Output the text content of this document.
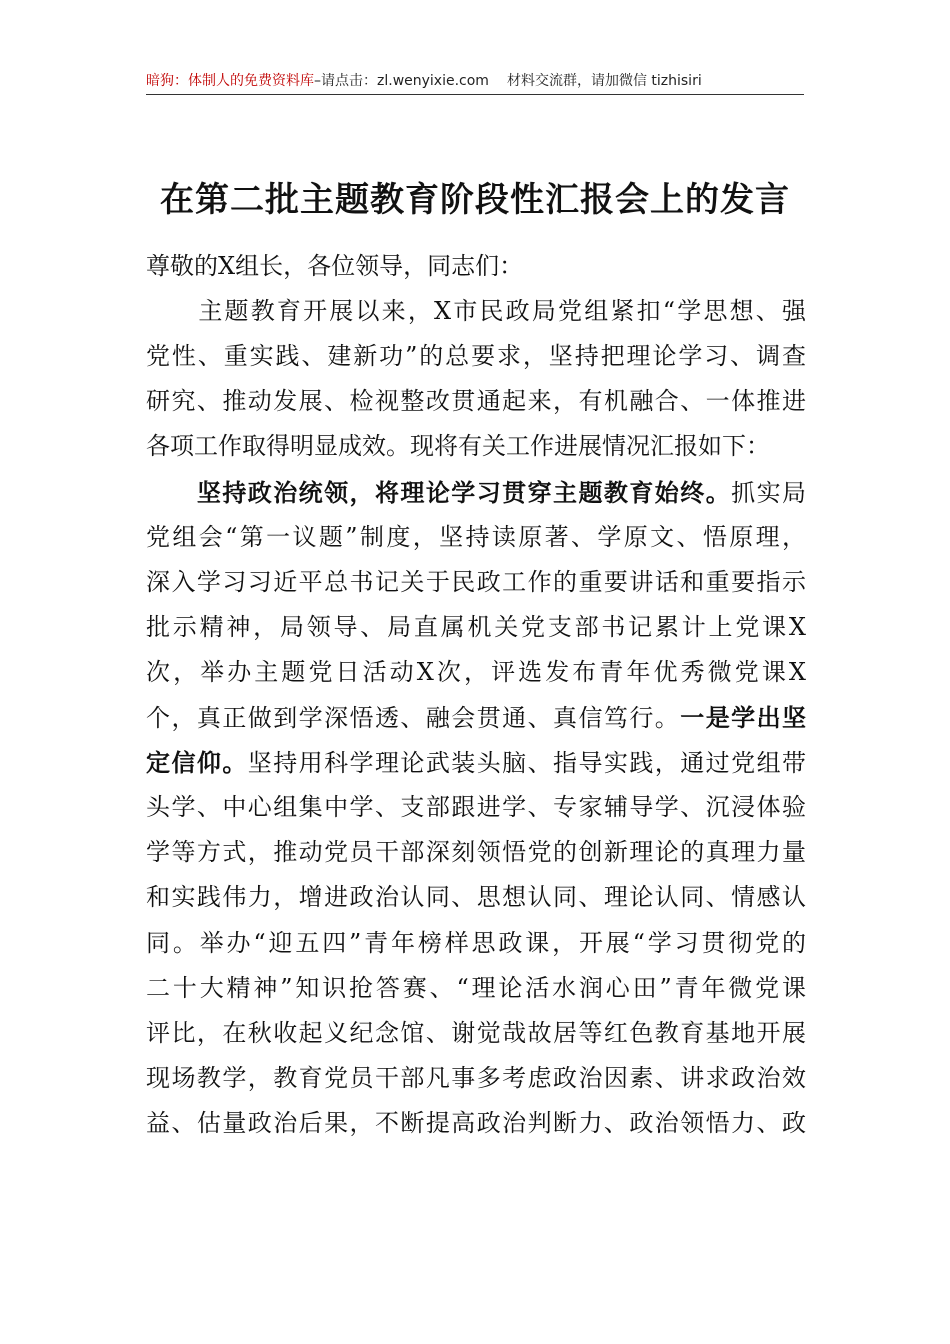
暗狗：体制人的免费资料库–请点击：zl.wenyixie.com 材料交流群，请加微信 tizhisiri
在第二批主题教育阶段性汇报会上的发言
尊敬的X组长，各位领导，同志们：
　　主题教育开展以来，X市民政局党组紧扣“学思想、强
党性、重实践、建新功”的总要求，坚持把理论学习、调查
研究、推动发展、检视整改贯通起来，有机融合、一体推进
各项工作取得明显成效。现将有关工作进展情况汇报如下：
　　坚持政治统领，将理论学习贯穿主题教育始终。抓实局
党组会“第一议题”制度，坚持读原著、学原文、悟原理，
深入学习习近平总书记关于民政工作的重要讲话和重要指示
批示精神，局领导、局直属机关党支部书记累计上党课X
次，举办主题党日活动X次，评选发布青年优秀微党课X
个，真正做到学深悟透、融会贯通、真信笃行。一是学出坚
定信仰。坚持用科学理论武装头脑、指导实践，通过党组带
头学、中心组集中学、支部跟进学、专家辅导学、沉浸体验
学等方式，推动党员干部深刻领悟党的创新理论的真理力量
和实践伟力，增进政治认同、思想认同、理论认同、情感认
同。举办“迎五四”青年榜样思政课，开展“学习贯彻党的
二十大精神”知识抢答赛、“理论活水润心田”青年微党课
评比，在秋收起义纪念馆、谢觉哉故居等红色教育基地开展
现场教学，教育党员干部凡事多考虑政治因素、讲求政治效
益、估量政治后果，不断提高政治判断力、政治领悟力、政
